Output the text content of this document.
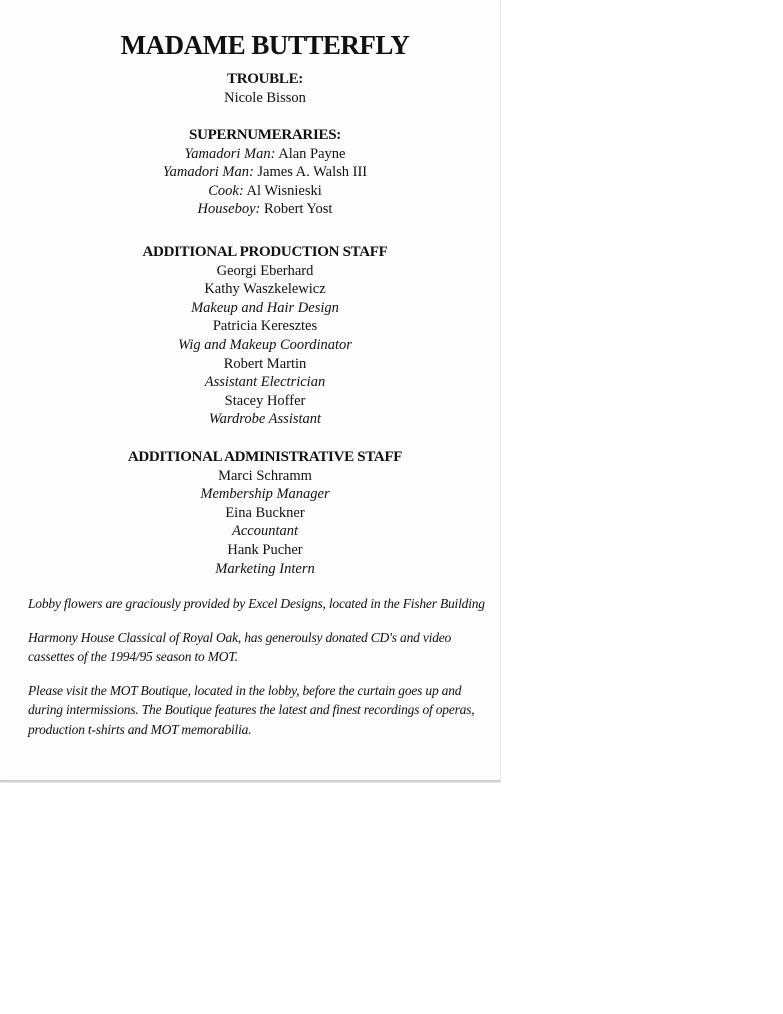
MADAME BUTTERFLY
TROUBLE:
Nicole Bisson
SUPERNUMERARIES:
Yamadori Man: Alan Payne
Yamadori Man: James A. Walsh III
Cook: Al Wisnieski
Houseboy: Robert Yost
ADDITIONAL PRODUCTION STAFF
Georgi Eberhard
Kathy Waszkelewicz
Makeup and Hair Design
Patricia Keresztes
Wig and Makeup Coordinator
Robert Martin
Assistant Electrician
Stacey Hoffer
Wardrobe Assistant
ADDITIONAL ADMINISTRATIVE STAFF
Marci Schramm
Membership Manager
Eina Buckner
Accountant
Hank Pucher
Marketing Intern

Lobby flowers are graciously provided by Excel Designs, located in the Fisher Building

Harmony House Classical of Royal Oak, has generoulsy donated CD's and video cassettes of the 1994/95 season to MOT.

Please visit the MOT Boutique, located in the lobby, before the curtain goes up and during intermissions. The Boutique features the latest and finest recordings of operas, production t-shirts and MOT memorabilia.
